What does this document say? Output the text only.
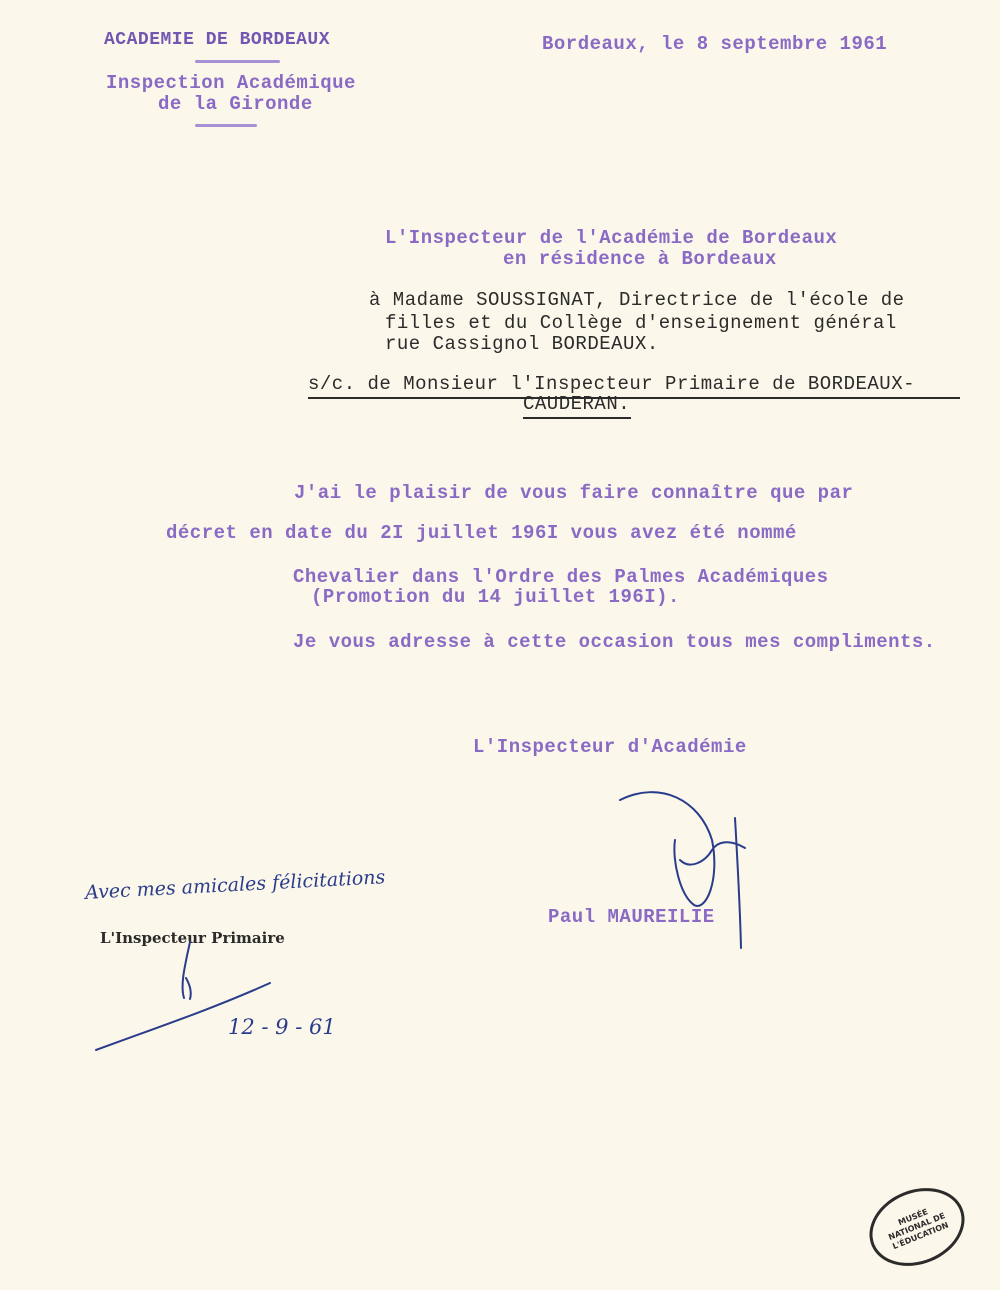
ACADEMIE DE BORDEAUX
Inspection Académique
de la Gironde
Bordeaux, le 8 septembre 1961
L'Inspecteur de l'Académie de Bordeaux
en résidence à Bordeaux
à Madame SOUSSIGNAT, Directrice de l'école de
filles et du Collège d'enseignement général
rue Cassignol BORDEAUX.
s/c. de Monsieur l'Inspecteur Primaire de BORDEAUX-
CAUDERAN.
J'ai le plaisir de vous faire connaître que par
décret en date du 2I juillet 196I vous avez été nommé
Chevalier dans l'Ordre des Palmes Académiques
(Promotion du 14 juillet 196I).
Je vous adresse à cette occasion tous mes compliments.
L'Inspecteur d'Académie
Paul MAUREILIE
Avec mes amicales félicitations
L'Inspecteur Primaire
12 - 9 - 61
MUSÉE NATIONAL DE L'ÉDUCATION
